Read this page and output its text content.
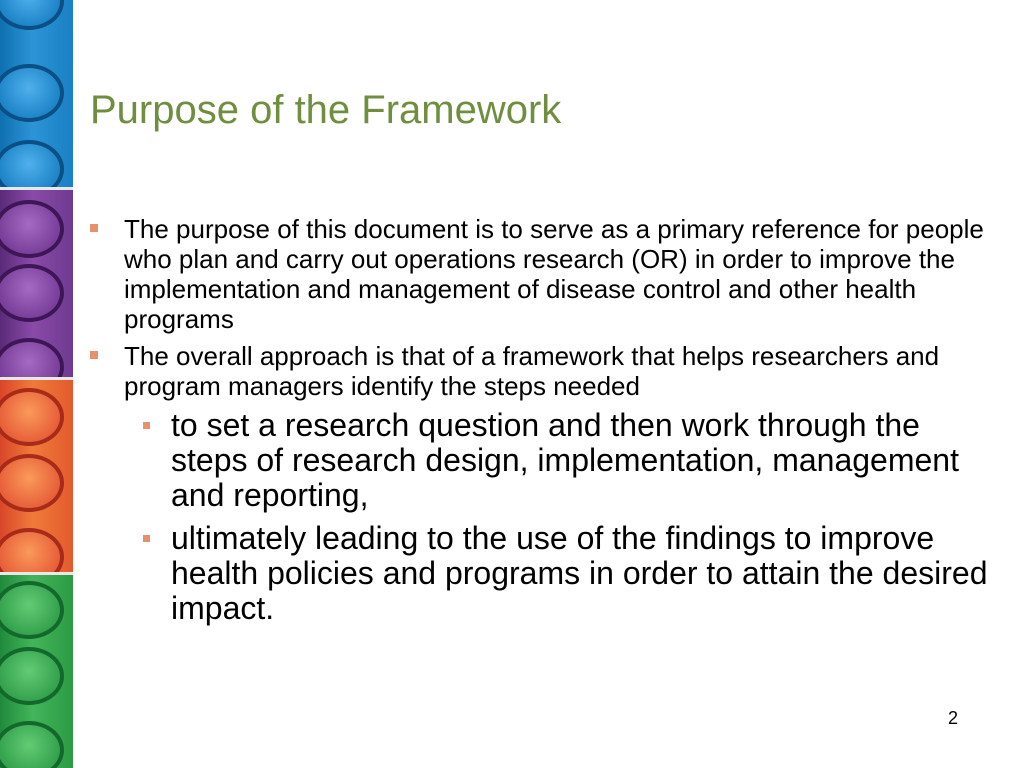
Purpose of the Framework
The purpose of this document is to serve as a primary reference for people who plan and carry out operations research (OR) in order to improve the implementation and management of disease control and other health programs
The overall approach is that of a framework that helps researchers and program managers identify the steps needed
to set a research question and then work through the steps of research design, implementation, management and reporting,
ultimately leading to the use of the findings to improve health policies and programs in order to attain the desired impact.
2
